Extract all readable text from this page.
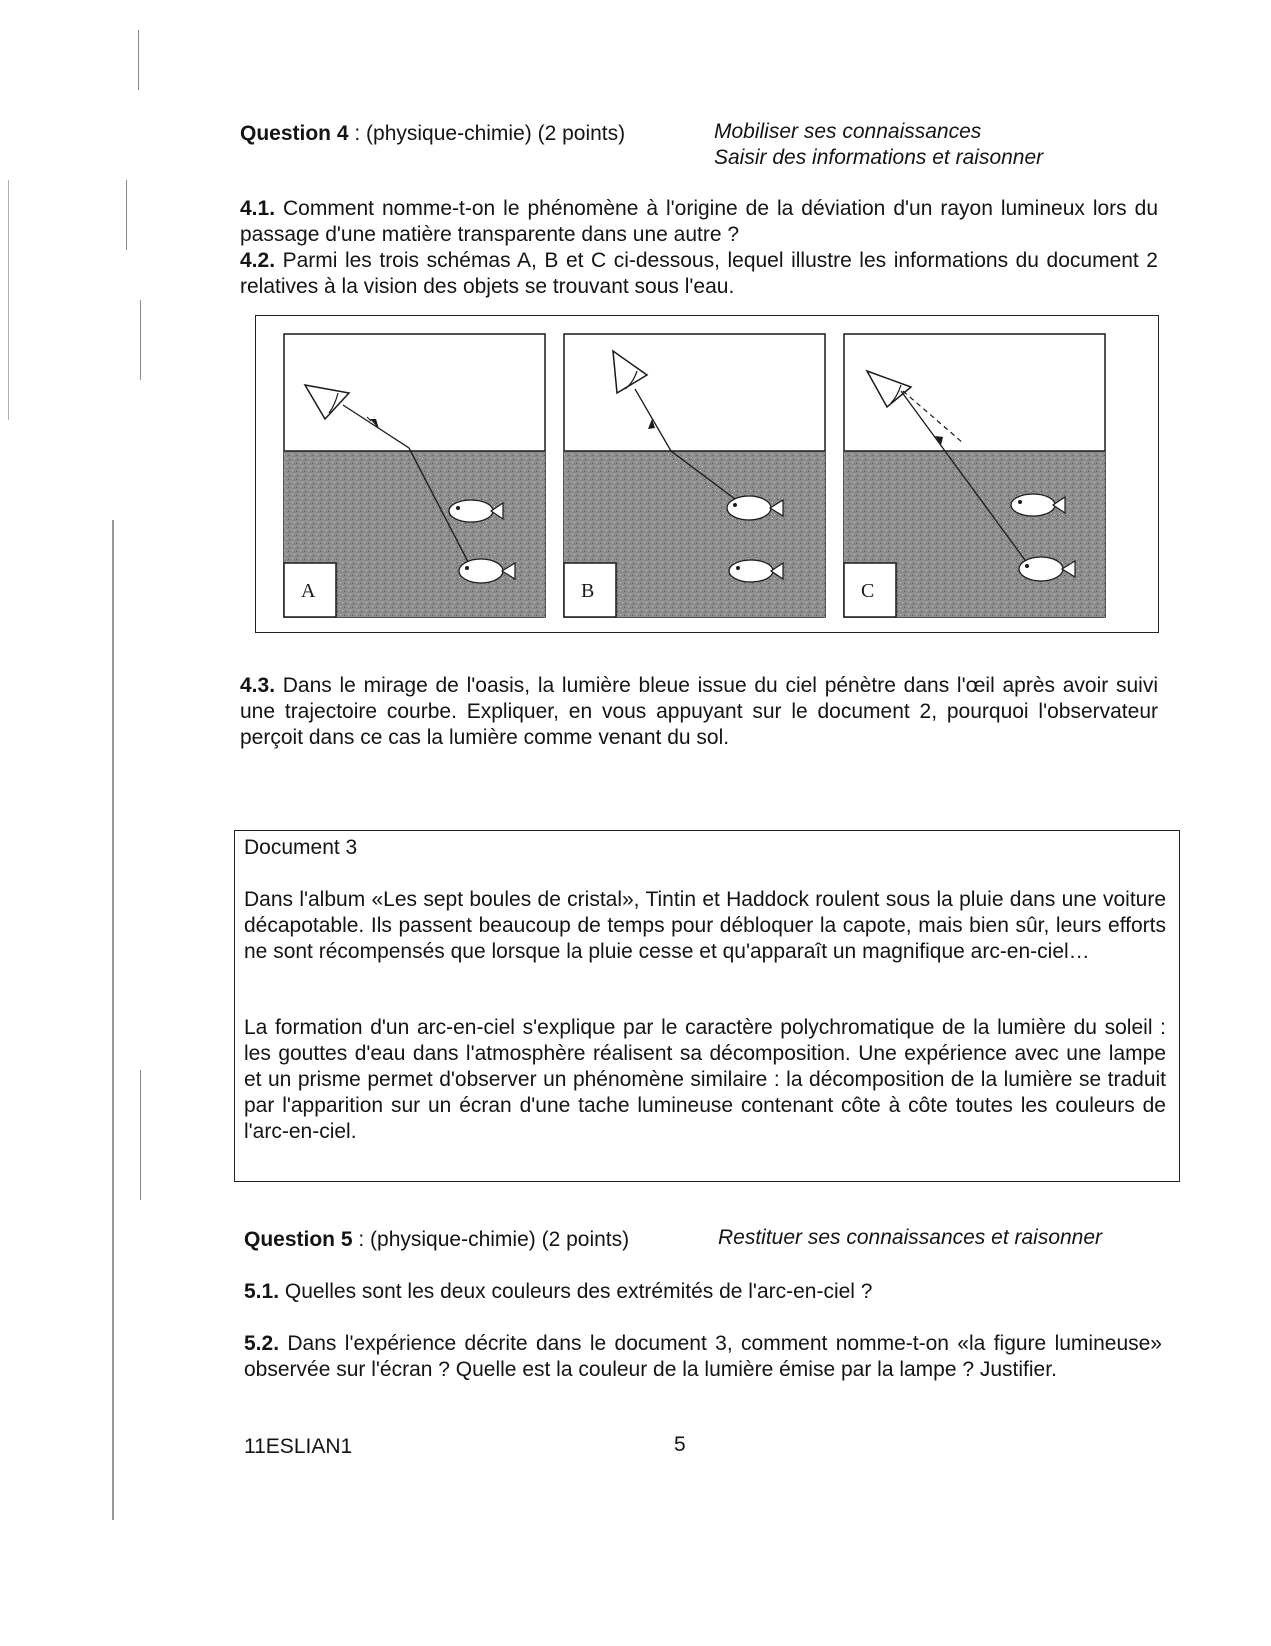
Question 4 : (physique-chimie) (2 points)	Mobiliser ses connaissances
Saisir des informations et raisonner
4.1. Comment nomme-t-on le phénomène à l'origine de la déviation d'un rayon lumineux lors du passage d'une matière transparente dans une autre ?
4.2. Parmi les trois schémas A, B et C ci-dessous, lequel illustre les informations du document 2 relatives à la vision des objets se trouvant sous l'eau.
A	B	C
4.3. Dans le mirage de l'oasis, la lumière bleue issue du ciel pénètre dans l'œil après avoir suivi une trajectoire courbe. Expliquer, en vous appuyant sur le document 2, pourquoi l'observateur perçoit dans ce cas la lumière comme venant du sol.
Document 3
Dans l'album «Les sept boules de cristal», Tintin et Haddock roulent sous la pluie dans une voiture décapotable. Ils passent beaucoup de temps pour débloquer la capote, mais bien sûr, leurs efforts ne sont récompensés que lorsque la pluie cesse et qu'apparaît un magnifique arc-en-ciel…
La formation d'un arc-en-ciel s'explique par le caractère polychromatique de la lumière du soleil : les gouttes d'eau dans l'atmosphère réalisent sa décomposition. Une expérience avec une lampe et un prisme permet d'observer un phénomène similaire : la décomposition de la lumière se traduit par l'apparition sur un écran d'une tache lumineuse contenant côte à côte toutes les couleurs de l'arc-en-ciel.
Question 5 : (physique-chimie) (2 points)	Restituer ses connaissances et raisonner
5.1. Quelles sont les deux couleurs des extrémités de l'arc-en-ciel ?
5.2. Dans l'expérience décrite dans le document 3, comment nomme-t-on «la figure lumineuse» observée sur l'écran ? Quelle est la couleur de la lumière émise par la lampe ? Justifier.
11ESLIAN1	5
